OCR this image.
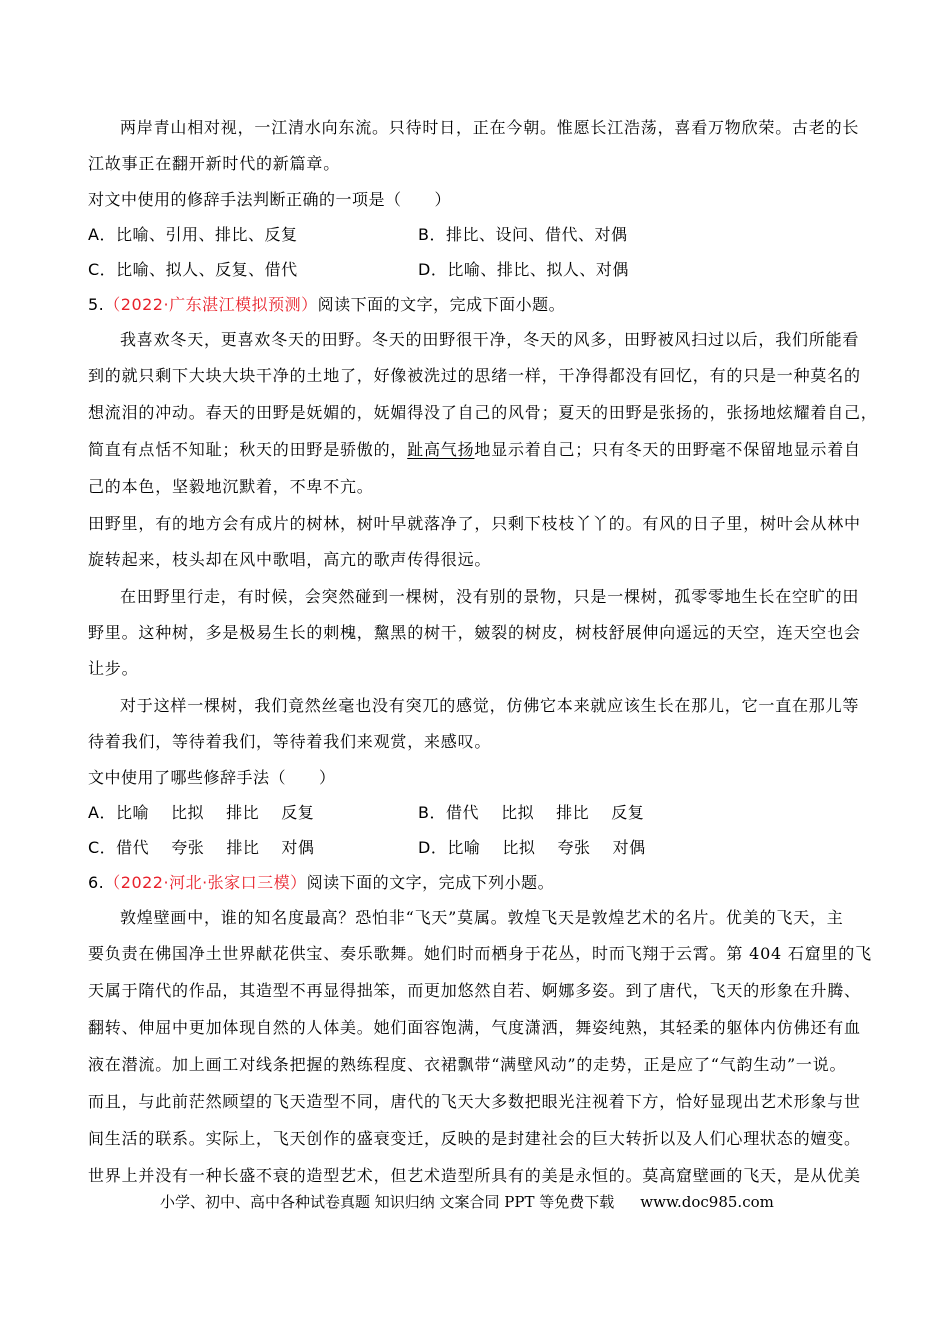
两岸青山相对视，一江清水向东流。只待时日，正在今朝。惟愿长江浩荡，喜看万物欣荣。古老的长
江故事正在翻开新时代的新篇章。
对文中使用的修辞手法判断正确的一项是（　　）
A．比喻、引用、排比、反复	B．排比、设问、借代、对偶
C．比喻、拟人、反复、借代	D．比喻、排比、拟人、对偶
5.（2022·广东湛江模拟预测）阅读下面的文字，完成下面小题。
我喜欢冬天，更喜欢冬天的田野。冬天的田野很干净，冬天的风多，田野被风扫过以后，我们所能看
到的就只剩下大块大块干净的土地了，好像被洗过的思绪一样，干净得都没有回忆，有的只是一种莫名的
想流泪的冲动。春天的田野是妩媚的，妩媚得没了自己的风骨；夏天的田野是张扬的，张扬地炫耀着自己，
简直有点恬不知耻；秋天的田野是骄傲的，趾高气扬地显示着自己；只有冬天的田野毫不保留地显示着自
己的本色，坚毅地沉默着，不卑不亢。
田野里，有的地方会有成片的树林，树叶早就落净了，只剩下枝枝丫丫的。有风的日子里，树叶会从林中
旋转起来，枝头却在风中歌唱，高亢的歌声传得很远。
在田野里行走，有时候，会突然碰到一棵树，没有别的景物，只是一棵树，孤零零地生长在空旷的田
野里。这种树，多是极易生长的刺槐，黧黑的树干，皴裂的树皮，树枝舒展伸向遥远的天空，连天空也会
让步。
对于这样一棵树，我们竟然丝毫也没有突兀的感觉，仿佛它本来就应该生长在那儿，它一直在那儿等
待着我们，等待着我们，等待着我们来观赏，来感叹。
文中使用了哪些修辞手法（　　）
A．比喻　 比拟　 排比　 反复	B．借代　 比拟　 排比　 反复
C．借代　 夸张　 排比　 对偶	D．比喻　 比拟　 夸张　 对偶
6.（2022·河北·张家口三模）阅读下面的文字，完成下列小题。
敦煌壁画中，谁的知名度最高？恐怕非“飞天”莫属。敦煌飞天是敦煌艺术的名片。优美的飞天，主
要负责在佛国净土世界献花供宝、奏乐歌舞。她们时而栖身于花丛，时而飞翔于云霄。第 404 石窟里的飞
天属于隋代的作品，其造型不再显得拙笨，而更加悠然自若、婀娜多姿。到了唐代，飞天的形象在升腾、
翻转、伸屈中更加体现自然的人体美。她们面容饱满，气度潇洒，舞姿纯熟，其轻柔的躯体内仿佛还有血
液在潜流。加上画工对线条把握的熟练程度、衣裙飘带“满壁风动”的走势，正是应了“气韵生动”一说。
而且，与此前茫然顾望的飞天造型不同，唐代的飞天大多数把眼光注视着下方，恰好显现出艺术形象与世
间生活的联系。实际上，飞天创作的盛衰变迁，反映的是封建社会的巨大转折以及人们心理状态的嬗变。
世界上并没有一种长盛不衰的造型艺术，但艺术造型所具有的美是永恒的。莫高窟壁画的飞天，是从优美
小学、初中、高中各种试卷真题 知识归纳 文案合同 PPT 等免费下载 www.doc985.com
